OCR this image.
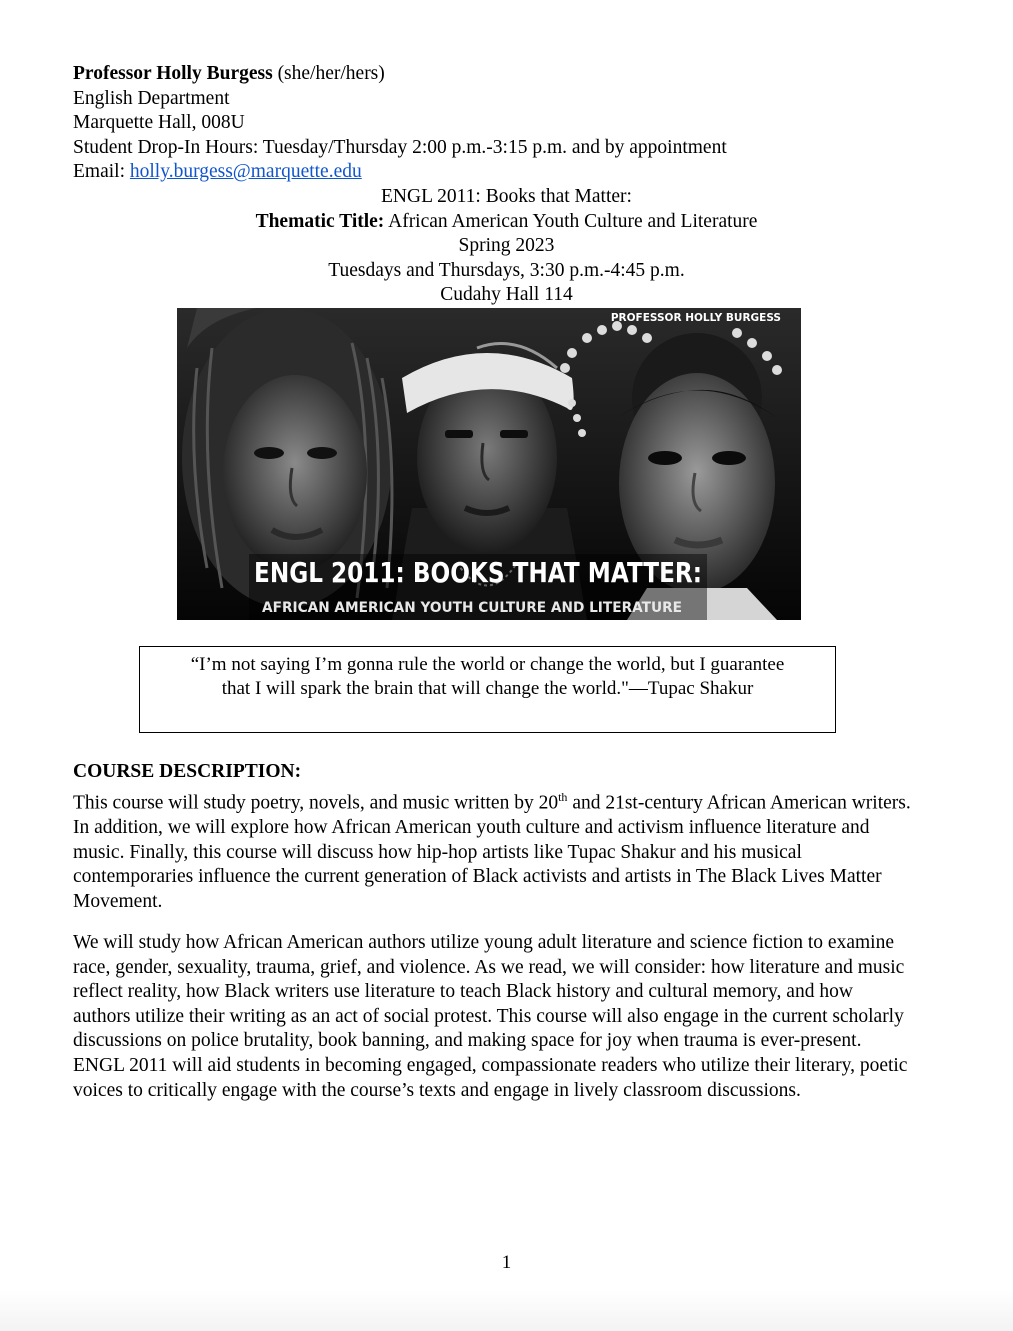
Professor Holly Burgess (she/her/hers)
English Department
Marquette Hall, 008U
Student Drop-In Hours: Tuesday/Thursday 2:00 p.m.-3:15 p.m. and by appointment
Email: holly.burgess@marquette.edu
ENGL 2011: Books that Matter:
Thematic Title: African American Youth Culture and Literature
Spring 2023
Tuesdays and Thursdays, 3:30 p.m.-4:45 p.m.
Cudahy Hall 114
PROFESSOR HOLLY BURGESS
ENGL 2011: BOOKS THAT MATTER:
AFRICAN AMERICAN YOUTH CULTURE AND LITERATURE
“I’m not saying I’m gonna rule the world or change the world, but I guarantee
that I will spark the brain that will change the world."—Tupac Shakur
COURSE DESCRIPTION:
This course will study poetry, novels, and music written by 20th and 21st-century African American writers. In addition, we will explore how African American youth culture and activism influence literature and music. Finally, this course will discuss how hip-hop artists like Tupac Shakur and his musical contemporaries influence the current generation of Black activists and artists in The Black Lives Matter Movement.
We will study how African American authors utilize young adult literature and science fiction to examine race, gender, sexuality, trauma, grief, and violence. As we read, we will consider: how literature and music reflect reality, how Black writers use literature to teach Black history and cultural memory, and how authors utilize their writing as an act of social protest. This course will also engage in the current scholarly discussions on police brutality, book banning, and making space for joy when trauma is ever-present. ENGL 2011 will aid students in becoming engaged, compassionate readers who utilize their literary, poetic voices to critically engage with the course’s texts and engage in lively classroom discussions.
1
